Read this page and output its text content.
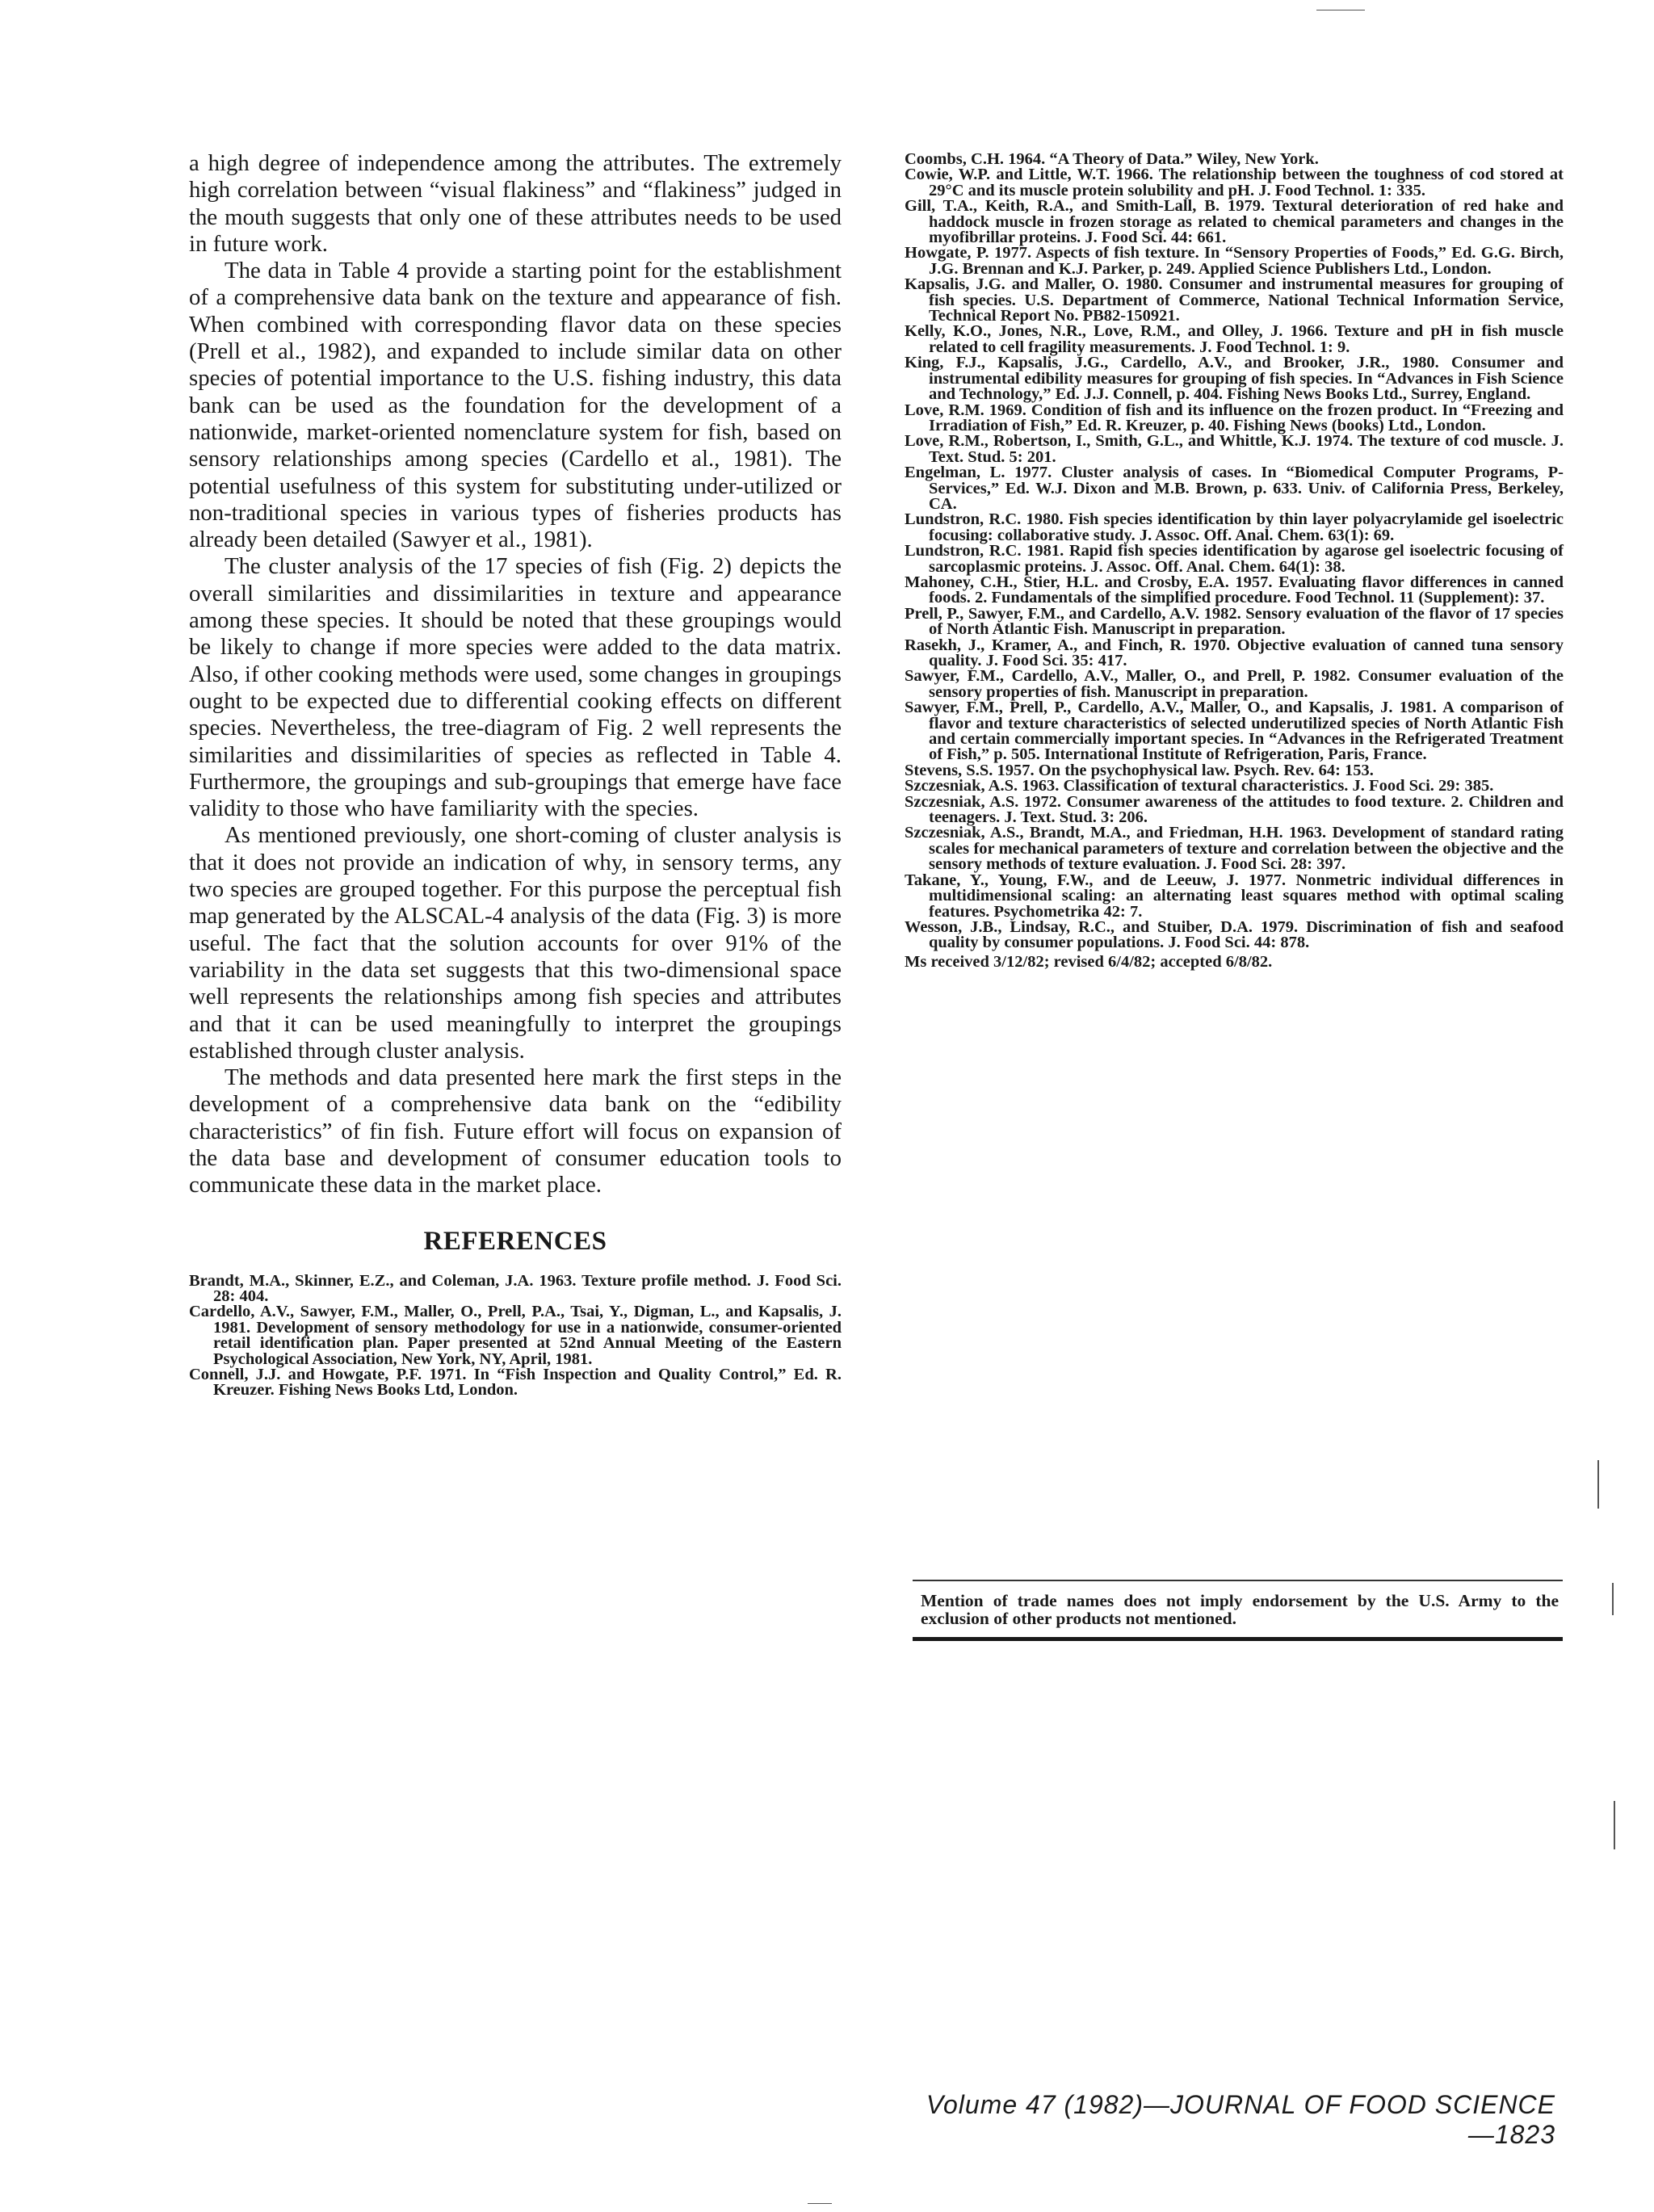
a high degree of independence among the attributes. The extremely high correlation between “visual flakiness” and “flakiness” judged in the mouth suggests that only one of these attributes needs to be used in future work.

The data in Table 4 provide a starting point for the establishment of a comprehensive data bank on the texture and appearance of fish. When combined with corresponding flavor data on these species (Prell et al., 1982), and expanded to include similar data on other species of potential importance to the U.S. fishing industry, this data bank can be used as the foundation for the development of a nationwide, market-oriented nomenclature system for fish, based on sensory relationships among species (Cardello et al., 1981). The potential usefulness of this system for substituting under-utilized or non-traditional species in various types of fisheries products has already been detailed (Sawyer et al., 1981).

The cluster analysis of the 17 species of fish (Fig. 2) depicts the overall similarities and dissimilarities in texture and appearance among these species. It should be noted that these groupings would be likely to change if more species were added to the data matrix. Also, if other cooking methods were used, some changes in groupings ought to be expected due to differential cooking effects on different species. Nevertheless, the tree-diagram of Fig. 2 well represents the similarities and dissimilarities of species as reflected in Table 4. Furthermore, the groupings and sub-groupings that emerge have face validity to those who have familiarity with the species.

As mentioned previously, one short-coming of cluster analysis is that it does not provide an indication of why, in sensory terms, any two species are grouped together. For this purpose the perceptual fish map generated by the ALSCAL-4 analysis of the data (Fig. 3) is more useful. The fact that the solution accounts for over 91% of the variability in the data set suggests that this two-dimensional space well represents the relationships among fish species and attributes and that it can be used meaningfully to interpret the groupings established through cluster analysis.

The methods and data presented here mark the first steps in the development of a comprehensive data bank on the “edibility characteristics” of fin fish. Future effort will focus on expansion of the data base and development of consumer education tools to communicate these data in the market place.

REFERENCES

Brandt, M.A., Skinner, E.Z., and Coleman, J.A. 1963. Texture profile method. J. Food Sci. 28: 404.

Cardello, A.V., Sawyer, F.M., Maller, O., Prell, P.A., Tsai, Y., Digman, L., and Kapsalis, J. 1981. Development of sensory methodology for use in a nationwide, consumer-oriented retail identification plan. Paper presented at 52nd Annual Meeting of the Eastern Psychological Association, New York, NY, April, 1981.

Connell, J.J. and Howgate, P.F. 1971. In “Fish Inspection and Quality Control,” Ed. R. Kreuzer. Fishing News Books Ltd, London.

Coombs, C.H. 1964. “A Theory of Data.” Wiley, New York.

Cowie, W.P. and Little, W.T. 1966. The relationship between the toughness of cod stored at 29°C and its muscle protein solubility and pH. J. Food Technol. 1: 335.

Gill, T.A., Keith, R.A., and Smith-Lall, B. 1979. Textural deterioration of red hake and haddock muscle in frozen storage as related to chemical parameters and changes in the myofibrillar proteins. J. Food Sci. 44: 661.

Howgate, P. 1977. Aspects of fish texture. In “Sensory Properties of Foods,” Ed. G.G. Birch, J.G. Brennan and K.J. Parker, p. 249. Applied Science Publishers Ltd., London.

Kapsalis, J.G. and Maller, O. 1980. Consumer and instrumental measures for grouping of fish species. U.S. Department of Commerce, National Technical Information Service, Technical Report No. PB82-150921.

Kelly, K.O., Jones, N.R., Love, R.M., and Olley, J. 1966. Texture and pH in fish muscle related to cell fragility measurements. J. Food Technol. 1: 9.

King, F.J., Kapsalis, J.G., Cardello, A.V., and Brooker, J.R., 1980. Consumer and instrumental edibility measures for grouping of fish species. In “Advances in Fish Science and Technology,” Ed. J.J. Connell, p. 404. Fishing News Books Ltd., Surrey, England.

Love, R.M. 1969. Condition of fish and its influence on the frozen product. In “Freezing and Irradiation of Fish,” Ed. R. Kreuzer, p. 40. Fishing News (books) Ltd., London.

Love, R.M., Robertson, I., Smith, G.L., and Whittle, K.J. 1974. The texture of cod muscle. J. Text. Stud. 5: 201.

Engelman, L. 1977. Cluster analysis of cases. In “Biomedical Computer Programs, P-Services,” Ed. W.J. Dixon and M.B. Brown, p. 633. Univ. of California Press, Berkeley, CA.

Lundstron, R.C. 1980. Fish species identification by thin layer polyacrylamide gel isoelectric focusing: collaborative study. J. Assoc. Off. Anal. Chem. 63(1): 69.

Lundstron, R.C. 1981. Rapid fish species identification by agarose gel isoelectric focusing of sarcoplasmic proteins. J. Assoc. Off. Anal. Chem. 64(1): 38.

Mahoney, C.H., Stier, H.L. and Crosby, E.A. 1957. Evaluating flavor differences in canned foods. 2. Fundamentals of the simplified procedure. Food Technol. 11 (Supplement): 37.

Prell, P., Sawyer, F.M., and Cardello, A.V. 1982. Sensory evaluation of the flavor of 17 species of North Atlantic Fish. Manuscript in preparation.

Rasekh, J., Kramer, A., and Finch, R. 1970. Objective evaluation of canned tuna sensory quality. J. Food Sci. 35: 417.

Sawyer, F.M., Cardello, A.V., Maller, O., and Prell, P. 1982. Consumer evaluation of the sensory properties of fish. Manuscript in preparation.

Sawyer, F.M., Prell, P., Cardello, A.V., Maller, O., and Kapsalis, J. 1981. A comparison of flavor and texture characteristics of selected underutilized species of North Atlantic Fish and certain commercially important species. In “Advances in the Refrigerated Treatment of Fish,” p. 505. International Institute of Refrigeration, Paris, France.

Stevens, S.S. 1957. On the psychophysical law. Psych. Rev. 64: 153.

Szczesniak, A.S. 1963. Classification of textural characteristics. J. Food Sci. 29: 385.

Szczesniak, A.S. 1972. Consumer awareness of the attitudes to food texture. 2. Children and teenagers. J. Text. Stud. 3: 206.

Szczesniak, A.S., Brandt, M.A., and Friedman, H.H. 1963. Development of standard rating scales for mechanical parameters of texture and correlation between the objective and the sensory methods of texture evaluation. J. Food Sci. 28: 397.

Takane, Y., Young, F.W., and de Leeuw, J. 1977. Nonmetric individual differences in multidimensional scaling: an alternating least squares method with optimal scaling features. Psychometrika 42: 7.

Wesson, J.B., Lindsay, R.C., and Stuiber, D.A. 1979. Discrimination of fish and seafood quality by consumer populations. J. Food Sci. 44: 878.

Ms received 3/12/82; revised 6/4/82; accepted 6/8/82.

Mention of trade names does not imply endorsement by the U.S. Army to the exclusion of other products not mentioned.
Volume 47 (1982)—JOURNAL OF FOOD SCIENCE—1823
